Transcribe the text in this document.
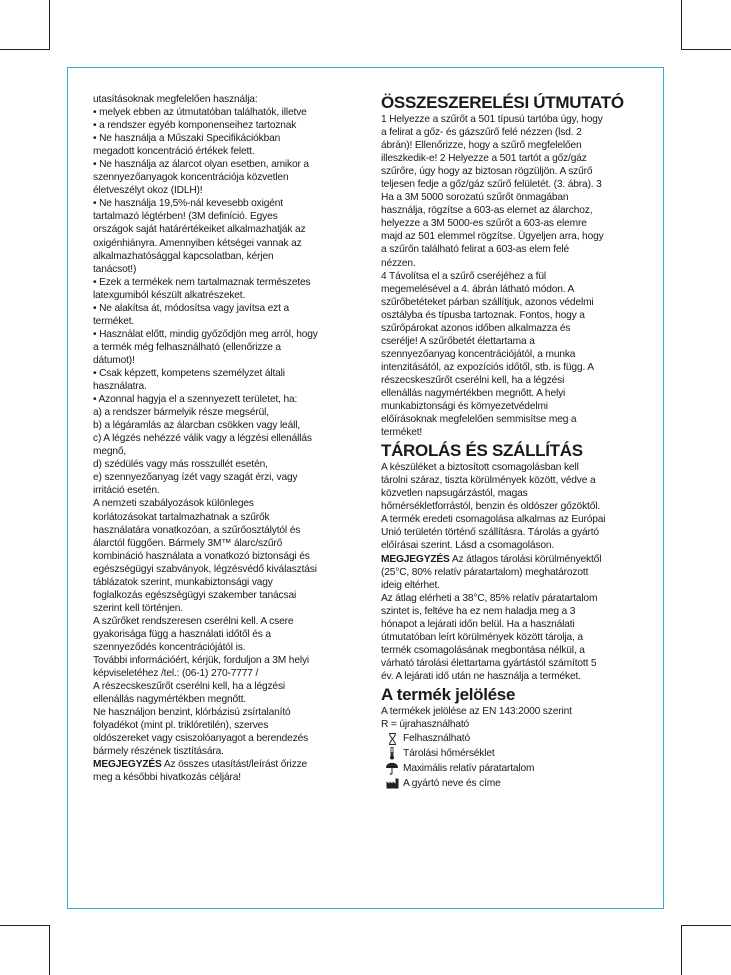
utasításoknak megfelelően használja:

• melyek ebben az útmutatóban találhatók, illetve

• a rendszer egyéb komponenseihez tartoznak

• Ne használja a Műszaki Specifikációkban

megadott koncentráció értékek felett.

• Ne használja az álarcot olyan esetben, amikor a

szennyezőanyagok koncentrációja közvetlen

életveszélyt okoz (IDLH)!

• Ne használja 19,5%-nál kevesebb oxigént

tartalmazó légtérben! (3M definíció. Egyes

országok saját határértékeiket alkalmazhatják az

oxigénhiányra. Amennyiben kétségei vannak az

alkalmazhatósággal kapcsolatban, kérjen

tanácsot!)

• Ezek a termékek nem tartalmaznak természetes

latexgumiból készült alkatrészeket.

• Ne alakítsa át, módosítsa vagy javítsa ezt a

terméket.

• Használat előtt, mindig győződjön meg arról, hogy

a termék még felhasználható (ellenőrizze a

dátumot)!

• Csak képzett, kompetens személyzet általi

használatra.

• Azonnal hagyja el a szennyezett területet, ha:

a) a rendszer bármelyik része megsérül,

b) a légáramlás az álarcban csökken vagy leáll,

c) A légzés nehézzé válik vagy a légzési ellenállás

megnő,

d) szédülés vagy más rosszullét esetén,

e) szennyezőanyag ízét vagy szagát érzi, vagy

irritáció esetén.

A nemzeti szabályozások különleges

korlátozásokat tartalmazhatnak a szűrők

használatára vonatkozóan, a szűrőosztálytól és

álarctól függően. Bármely 3M™ álarc/szűrő

kombináció használata a vonatkozó biztonsági és

egészségügyi szabványok, légzésvédő kiválasztási

táblázatok szerint, munkabiztonsági vagy

foglalkozás egészségügyi szakember tanácsai

szerint kell történjen.

A szűrőket rendszeresen cserélni kell. A csere

gyakorisága függ a használati időtől és a

szennyeződés koncentrációjától is.

További információért, kérjük, forduljon a 3M helyi

képviseletéhez /tel.: (06-1) 270-7777 /

A részecskeszűrőt cserélni kell, ha a légzési

ellenállás nagymértékben megnőtt.

Ne használjon benzint, klórbázisú zsírtalanító

folyadékot (mint pl. triklóretilén), szerves

oldószereket vagy csiszolóanyagot a berendezés

bármely részének tisztítására.

MEGJEGYZÉS Az összes utasítást/leírást őrizze

meg a későbbi hivatkozás céljára!

ÖSSZESZERELÉSI ÚTMUTATÓ

1 Helyezze a szűrőt a 501 típusú tartóba úgy, hogy

a felirat a gőz- és gázszűrő felé nézzen (lsd. 2

ábrán)! Ellenőrizze, hogy a szűrő megfelelően

illeszkedik-e! 2 Helyezze a 501 tartót a gőz/gáz

szűrőre, úgy hogy az biztosan rögzüljön. A szűrő

teljesen fedje a gőz/gáz szűrő felületét. (3. ábra). 3

Ha a 3M 5000 sorozatú szűrőt önmagában

használja, rögzítse a 603-as elemet az álarchoz,

helyezze a 3M 5000-es szűrőt a 603-as elemre

majd az 501 elemmel rögzítse. Ügyeljen arra, hogy

a szűrőn található felirat a 603-as elem felé

nézzen.

4 Távolítsa el a szűrő cseréjéhez a fül

megemelésével a 4. ábrán látható módon. A

szűrőbetéteket párban szállítjuk, azonos védelmi

osztályba és típusba tartoznak. Fontos, hogy a

szűrőpárokat azonos időben alkalmazza és

cserélje! A szűrőbetét élettartama a

szennyezőanyag koncentrációjától, a munka

intenzitásától, az expozíciós időtől, stb. is függ. A

részecskeszűrőt cserélni kell, ha a légzési

ellenállás nagymértékben megnőtt. A helyi

munkabiztonsági és környezetvédelmi

előírásoknak megfelelően semmisítse meg a

terméket!

TÁROLÁS ÉS SZÁLLÍTÁS

A készüléket a biztosított csomagolásban kell

tárolni száraz, tiszta körülmények között, védve a

közvetlen napsugárzástól, magas

hőmérsékletforrástól, benzin és oldószer gőzöktől.

A termék eredeti csomagolása alkalmas az Európai

Unió területén történő szállításra. Tárolás a gyártó

előírásai szerint. Lásd a csomagoláson.

MEGJEGYZÉS Az átlagos tárolási körülményektől

(25°C, 80% relatív páratartalom) meghatározott

ideig eltérhet.

Az átlag elérheti a 38°C, 85% relatív páratartalom

szintet is, feltéve ha ez nem haladja meg a 3

hónapot a lejárati időn belül. Ha a használati

útmutatóban leírt körülmények között tárolja, a

termék csomagolásának megbontása nélkül, a

várható tárolási élettartama gyártástól számított 5

év. A lejárati idő után ne használja a terméket.

A termék jelölése

A termékek jelölése az EN 143:2000 szerint

R = újrahasználható

Felhasználható
Tárolási hőmérséklet
Maximális relatív páratartalom
A gyártó neve és címe
